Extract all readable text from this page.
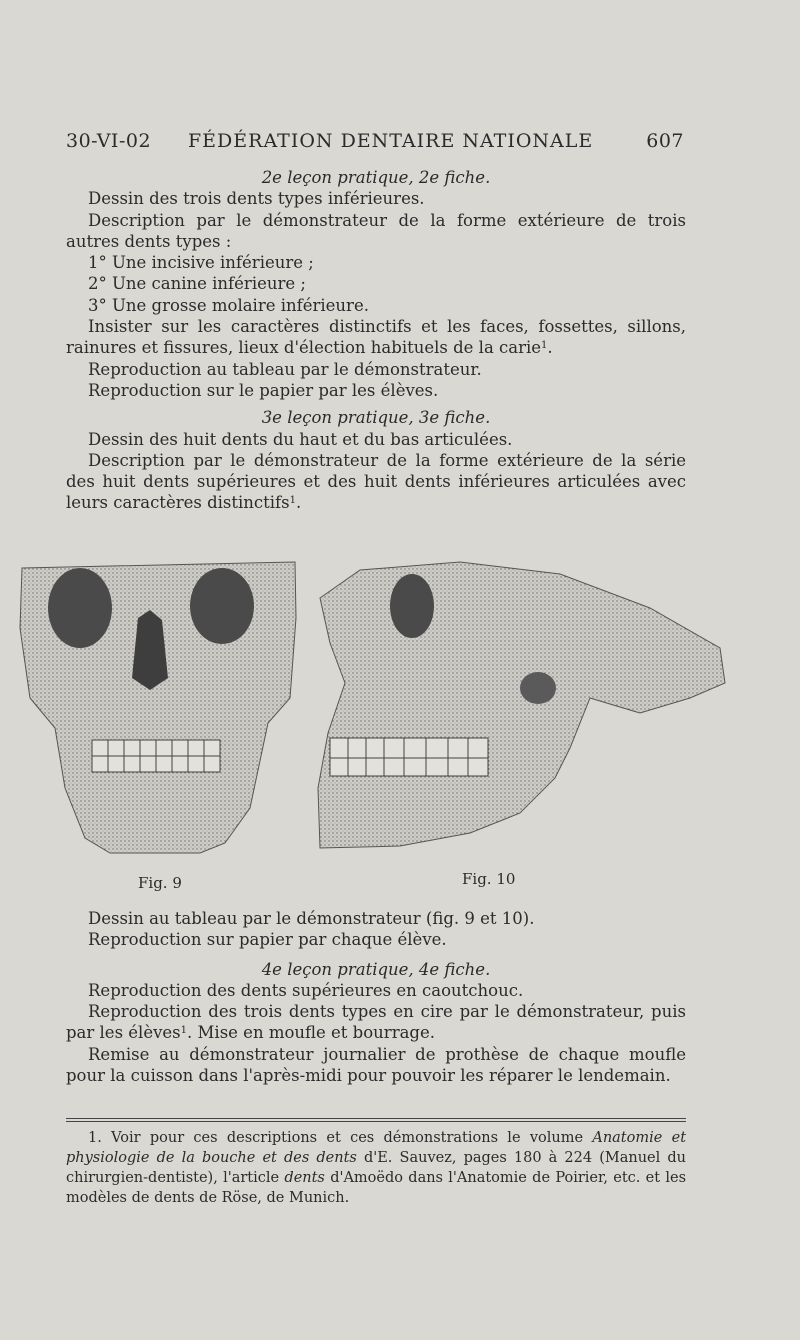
30-VI-02 FÉDÉRATION DENTAIRE NATIONALE	607

2e leçon pratique, 2e fiche.

Dessin des trois dents types inférieures.

Description par le démonstrateur de la forme extérieure de trois autres dents types :

1° Une incisive inférieure ;

2° Une canine inférieure ;

3° Une grosse molaire inférieure.

Insister sur les caractères distinctifs et les faces, fossettes, sillons, rainures et fissures, lieux d'élection habituels de la carie$^1$.

Reproduction au tableau par le démonstrateur.

Reproduction sur le papier par les élèves.

3e leçon pratique, 3e fiche.

Dessin des huit dents du haut et du bas articulées.

Description par le démonstrateur de la forme extérieure de la série des huit dents supérieures et des huit dents inférieures articulées avec leurs caractères distinctifs$^1$.

Fig. 9	Fig. 10

Dessin au tableau par le démonstrateur (fig. 9 et 10).

Reproduction sur papier par chaque élève.

4e leçon pratique, 4e fiche.

Reproduction des dents supérieures en caoutchouc.

Reproduction des trois dents types en cire par le démonstrateur, puis par les élèves$^1$. Mise en moufle et bourrage.

Remise au démonstrateur journalier de prothèse de chaque moufle pour la cuisson dans l'après-midi pour pouvoir les réparer le lendemain.

1. Voir pour ces descriptions et ces démonstrations le volume Anatomie et physiologie de la bouche et des dents d'E. Sauvez, pages 180 à 224 (Manuel du chirurgien-dentiste), l'article dents d'Amoëdo dans l'Anatomie de Poirier, etc. et les modèles de dents de Röse, de Munich.
